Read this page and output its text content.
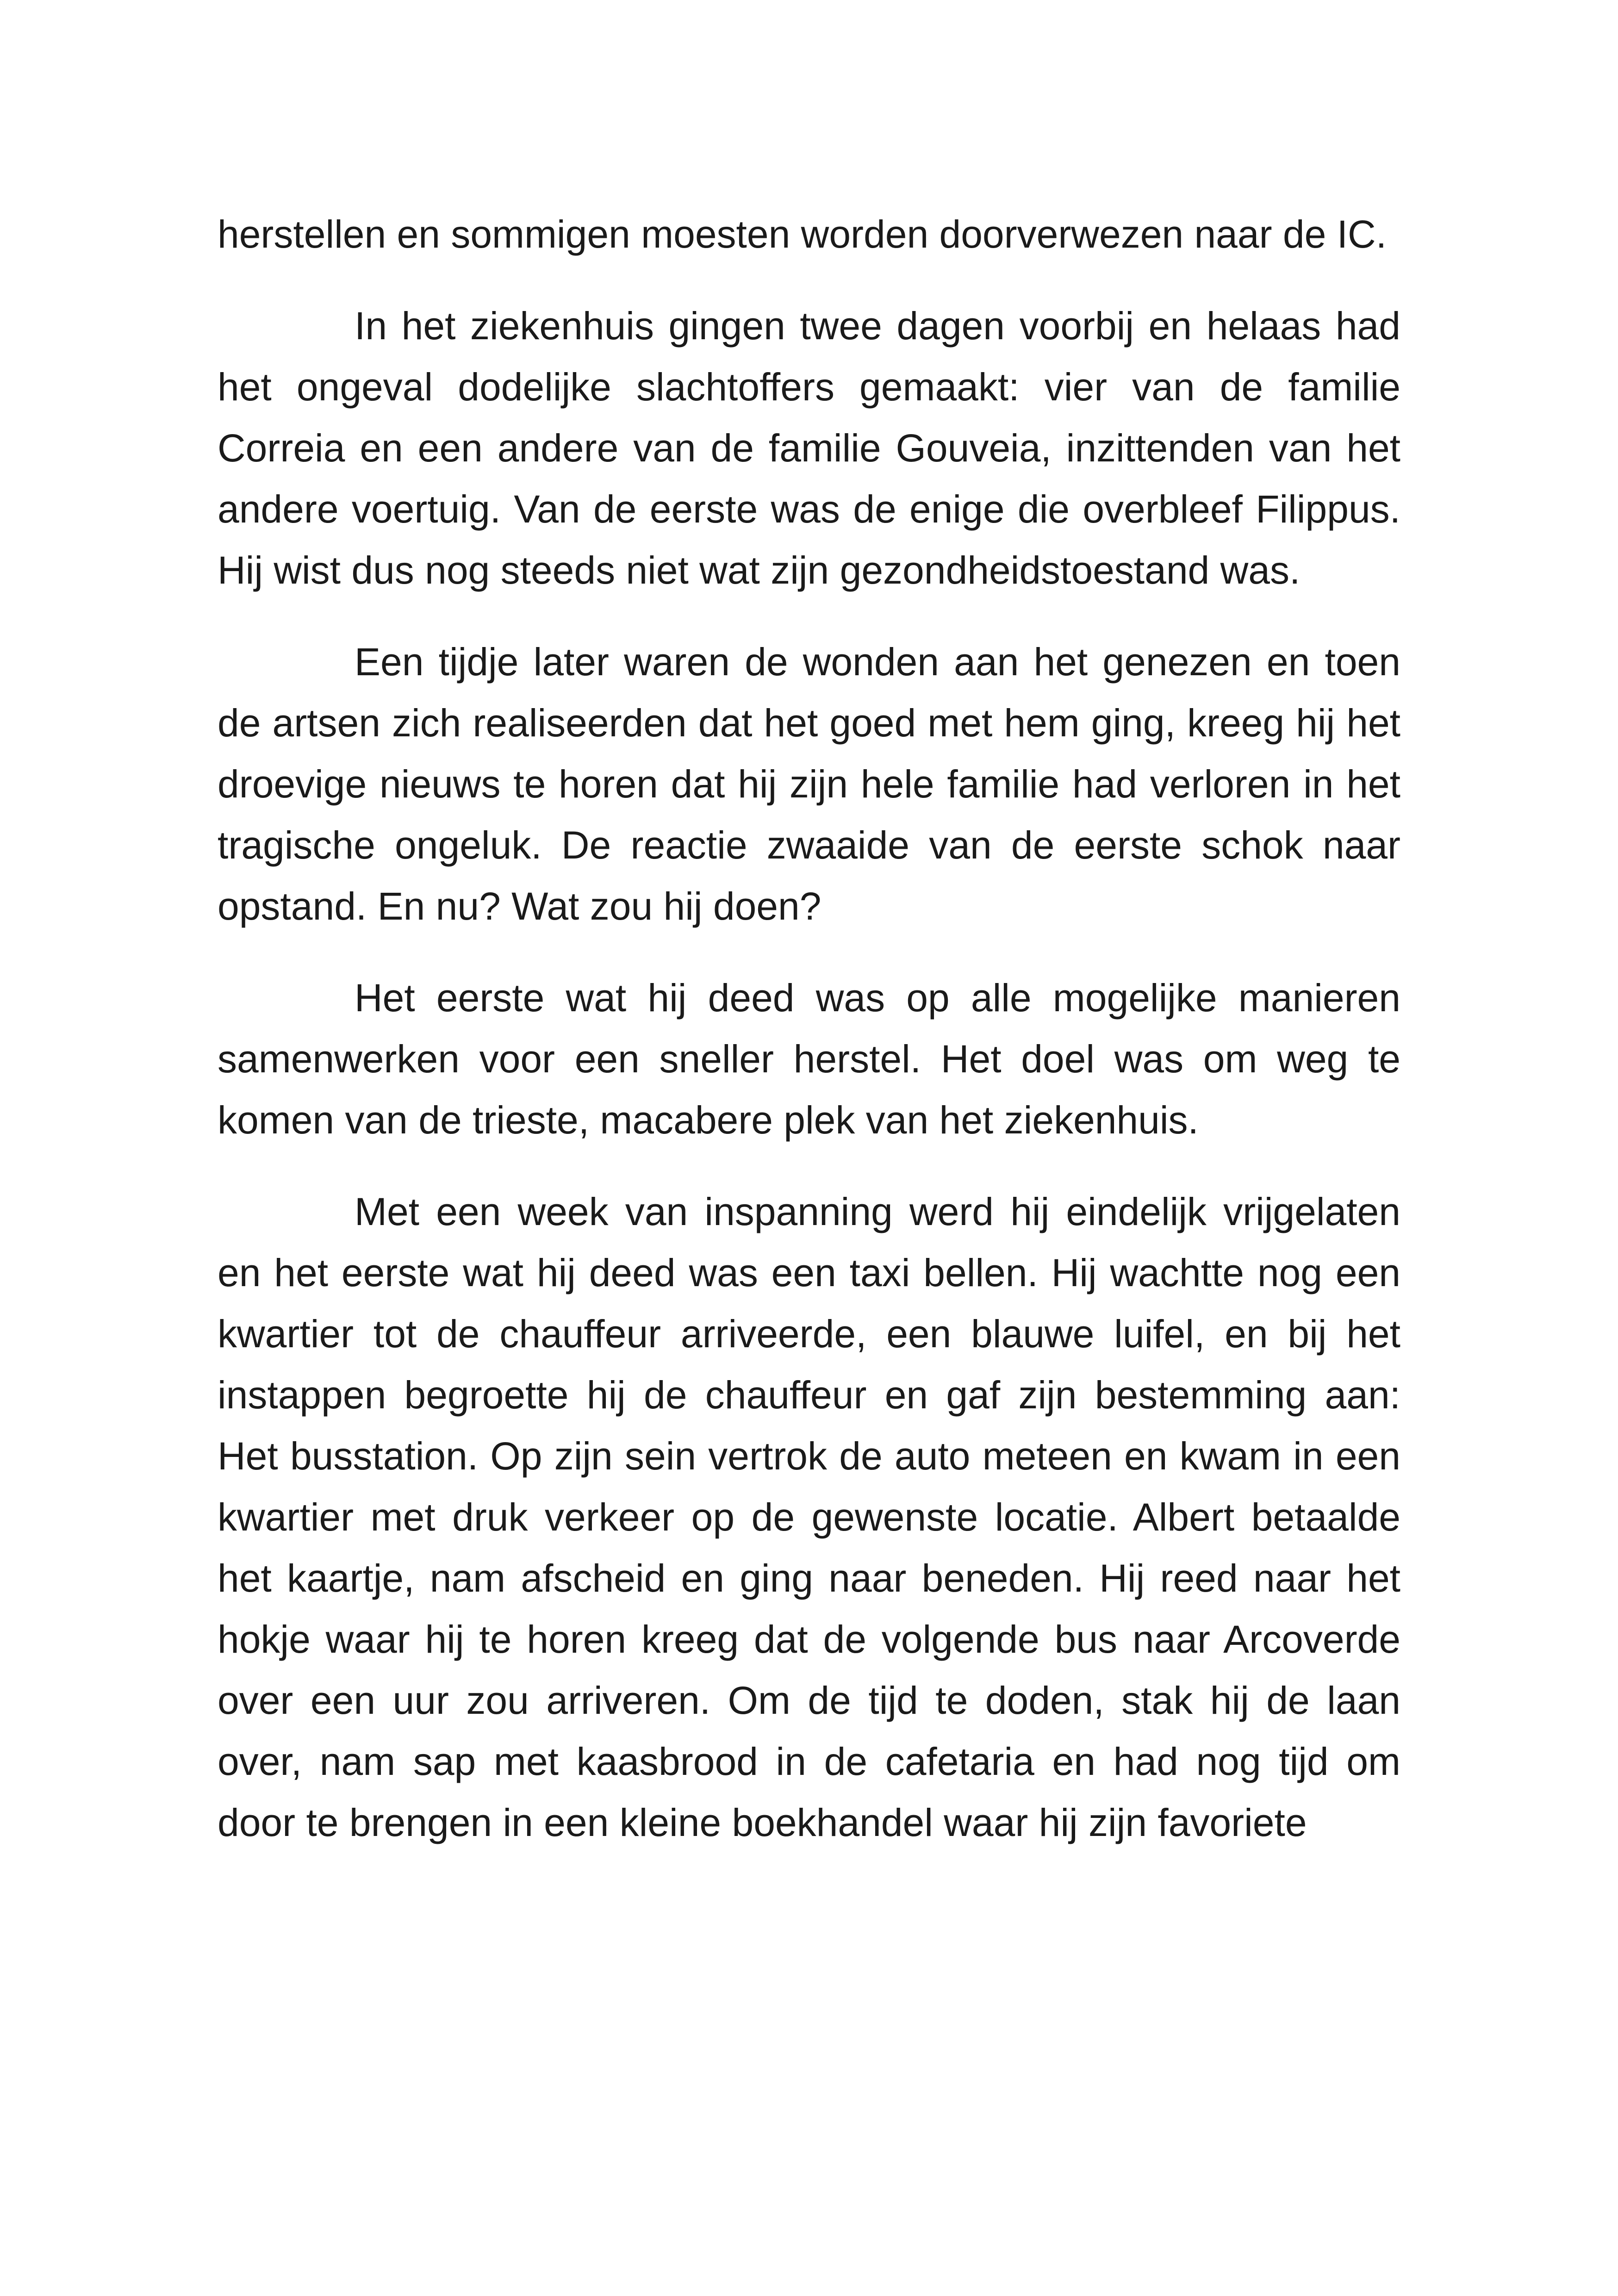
herstellen en sommigen moesten worden doorverwezen naar de IC.

In het ziekenhuis gingen twee dagen voorbij en helaas had het ongeval dodelijke slachtoffers gemaakt: vier van de familie Correia en een andere van de familie Gouveia, inzittenden van het andere voertuig. Van de eerste was de enige die overbleef Filippus. Hij wist dus nog steeds niet wat zijn gezondheidstoestand was.

Een tijdje later waren de wonden aan het genezen en toen de artsen zich realiseerden dat het goed met hem ging, kreeg hij het droevige nieuws te horen dat hij zijn hele familie had verloren in het tragische ongeluk. De reactie zwaaide van de eerste schok naar opstand. En nu? Wat zou hij doen?

Het eerste wat hij deed was op alle mogelijke manieren samenwerken voor een sneller herstel. Het doel was om weg te komen van de trieste, macabere plek van het ziekenhuis.

Met een week van inspanning werd hij eindelijk vrijgelaten en het eerste wat hij deed was een taxi bellen. Hij wachtte nog een kwartier tot de chauffeur arriveerde, een blauwe luifel, en bij het instappen begroette hij de chauffeur en gaf zijn bestemming aan: Het busstation. Op zijn sein vertrok de auto meteen en kwam in een kwartier met druk verkeer op de gewenste locatie. Albert betaalde het kaartje, nam afscheid en ging naar beneden. Hij reed naar het hokje waar hij te horen kreeg dat de volgende bus naar Arcoverde over een uur zou arriveren. Om de tijd te doden, stak hij de laan over, nam sap met kaasbrood in de cafetaria en had nog tijd om door te brengen in een kleine boekhandel waar hij zijn favoriete
